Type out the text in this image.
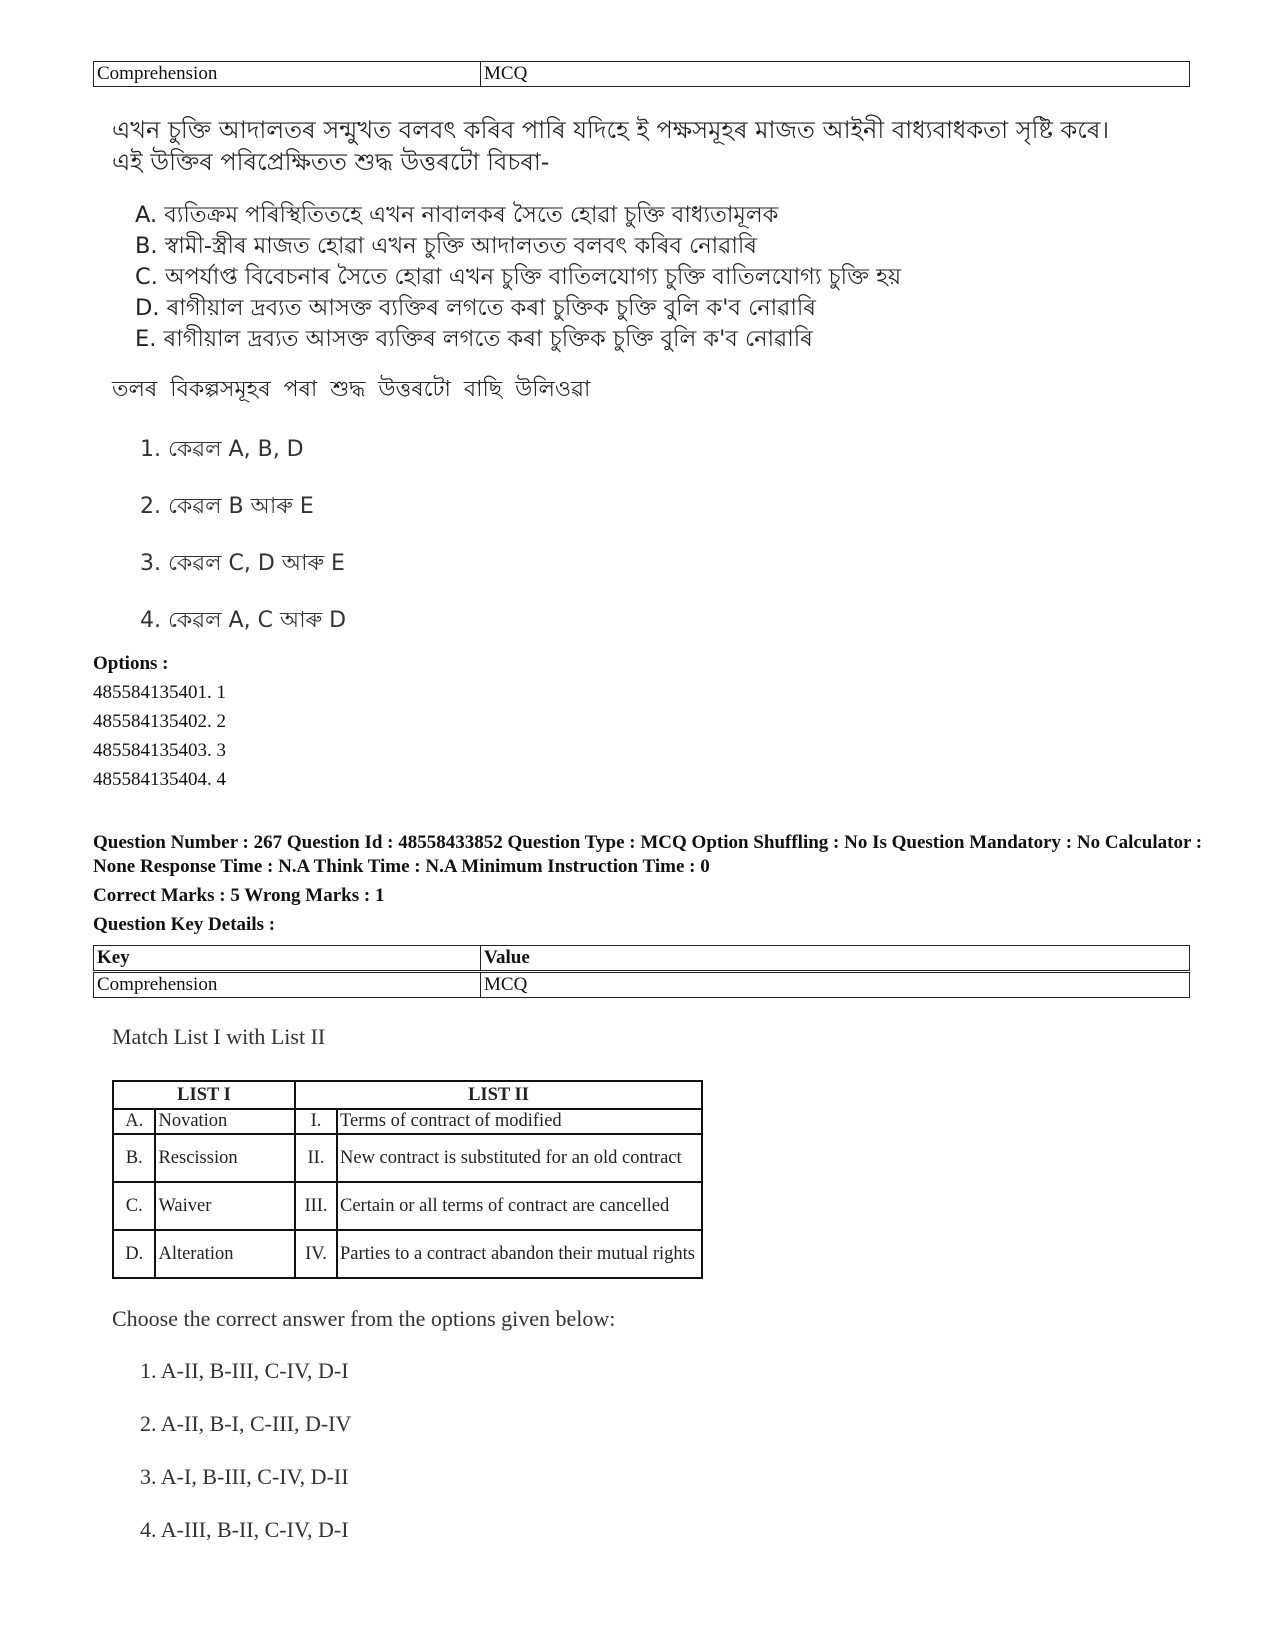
Comprehension	MCQ
এখন চুক্তি আদালতৰ সন্মুখত বলবৎ কৰিব পাৰি যদিহে ই পক্ষসমূহৰ মাজত আইনী বাধ্যবাধকতা সৃষ্টি কৰে।
এই উক্তিৰ পৰিপ্ৰেক্ষিতত শুদ্ধ উত্তৰটো বিচৰা-
A. ব্যতিক্ৰম পৰিস্থিতিতহে এখন নাবালকৰ সৈতে হোৱা চুক্তি বাধ্যতামূলক
B. স্বামী-স্ত্ৰীৰ মাজত হোৱা এখন চুক্তি আদালতত বলবৎ কৰিব নোৱাৰি
C. অপৰ্যাপ্ত বিবেচনাৰ সৈতে হোৱা এখন চুক্তি বাতিলযোগ্য চুক্তি বাতিলযোগ্য চুক্তি হয়
D. ৰাগীয়াল দ্ৰব্যত আসক্ত ব্যক্তিৰ লগতে কৰা চুক্তিক চুক্তি বুলি ক'ব নোৱাৰি
E. ৰাগীয়াল দ্ৰব্যত আসক্ত ব্যক্তিৰ লগতে কৰা চুক্তিক চুক্তি বুলি ক'ব নোৱাৰি
তলৰ বিকল্পসমূহৰ পৰা শুদ্ধ উত্তৰটো বাছি উলিওৱা
1. কেৱল A, B, D
2. কেৱল B আৰু E
3. কেৱল C, D আৰু E
4. কেৱল A, C আৰু D
Options :
485584135401. 1
485584135402. 2
485584135403. 3
485584135404. 4
Question Number : 267 Question Id : 48558433852 Question Type : MCQ Option Shuffling : No Is Question Mandatory : No Calculator : None Response Time : N.A Think Time : N.A Minimum Instruction Time : 0
Correct Marks : 5 Wrong Marks : 1
Question Key Details :
Key	Value
Comprehension	MCQ
Match List I with List II
LIST I		LIST II	
A.	Novation	I.	Terms of contract of modified
B.	Rescission	II.	New contract is substituted for an old contract
C.	Waiver	III.	Certain or all terms of contract are cancelled
D.	Alteration	IV.	Parties to a contract abandon their mutual rights
Choose the correct answer from the options given below:
1. A-II, B-III, C-IV, D-I
2. A-II, B-I, C-III, D-IV
3. A-I, B-III, C-IV, D-II
4. A-III, B-II, C-IV, D-I
